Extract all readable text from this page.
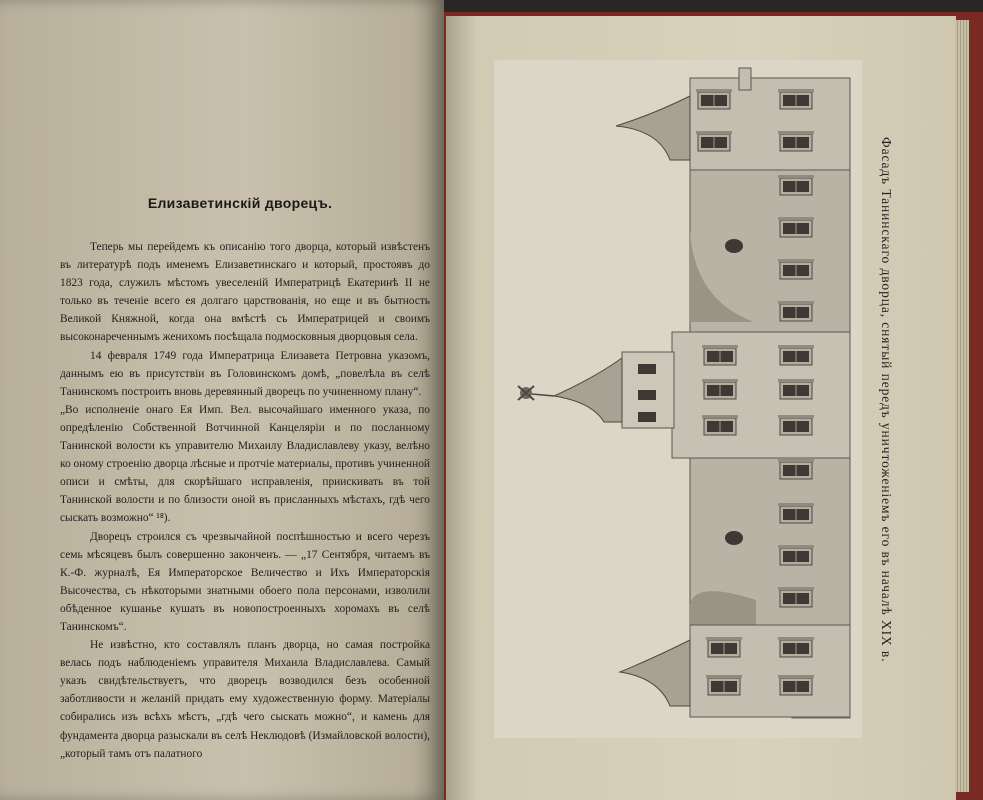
Елизаветинскій дворецъ.

Теперь мы перейдемъ къ описанію того дворца, который извѣстенъ въ литературѣ подъ именемъ Елизаветинскаго и который, простоявъ до 1823 года, служилъ мѣстомъ увеселеній Императрицѣ Екатеринѣ II не только въ теченіе всего ея долгаго царствованія, но еще и въ бытность Великой Княжной, когда она вмѣстѣ съ Императрицей и своимъ высоконареченнымъ женихомъ посѣщала подмосковныя дворцовыя села.

14 февраля 1749 года Императрица Елизавета Петровна указомъ, даннымъ ею въ присутствіи въ Головинскомъ домѣ, „повелѣла въ селѣ Танинскомъ построить вновь деревянный дворецъ по учиненному плану“.

„Во исполненіе онаго Ея Имп. Вел. высочайшаго именного указа, по опредѣленію Собственной Вотчинной Канцеляріи и по посланному Танинской волости къ управителю Михаилу Владиславлеву указу, велѣно ко оному строенію дворца лѣсные и протчіе материалы, противъ учиненной описи и смѣты, для скорѣйшаго исправленія, приискивать въ той Танинской волости и по близости оной въ присланныхъ мѣстахъ, гдѣ чего сыскать возможно“ ¹⁸).

Дворецъ строился съ чрезвычайной поспѣшностью и всего черезъ семь мѣсяцевъ былъ совершенно законченъ. — „17 Сентября, читаемъ въ К.-Ф. журналѣ, Ея Императорское Величество и Ихъ Императорскія Высочества, съ нѣкоторыми знатными обоего пола персонами, изволили обѣденное кушанье кушать въ новопостроенныхъ хоромахъ въ селѣ Танинскомъ“.

Не извѣстно, кто составлялъ планъ дворца, но самая постройка велась подъ наблюденіемъ управителя Михаила Владиславлева. Самый указъ свидѣтельствуетъ, что дворецъ возводился безъ особенной заботливости и желаній придать ему художественную форму. Матеріалы собирались изъ всѣхъ мѣстъ, „гдѣ чего сыскать можно“, и камень для фундамента дворца разыскали въ селѣ Неклюдовѣ (Измайловской волости), „который тамъ отъ палатного

Фасадъ Танинскаго дворца, снятый передъ уничтоженіемъ его въ началѣ XIX в.
